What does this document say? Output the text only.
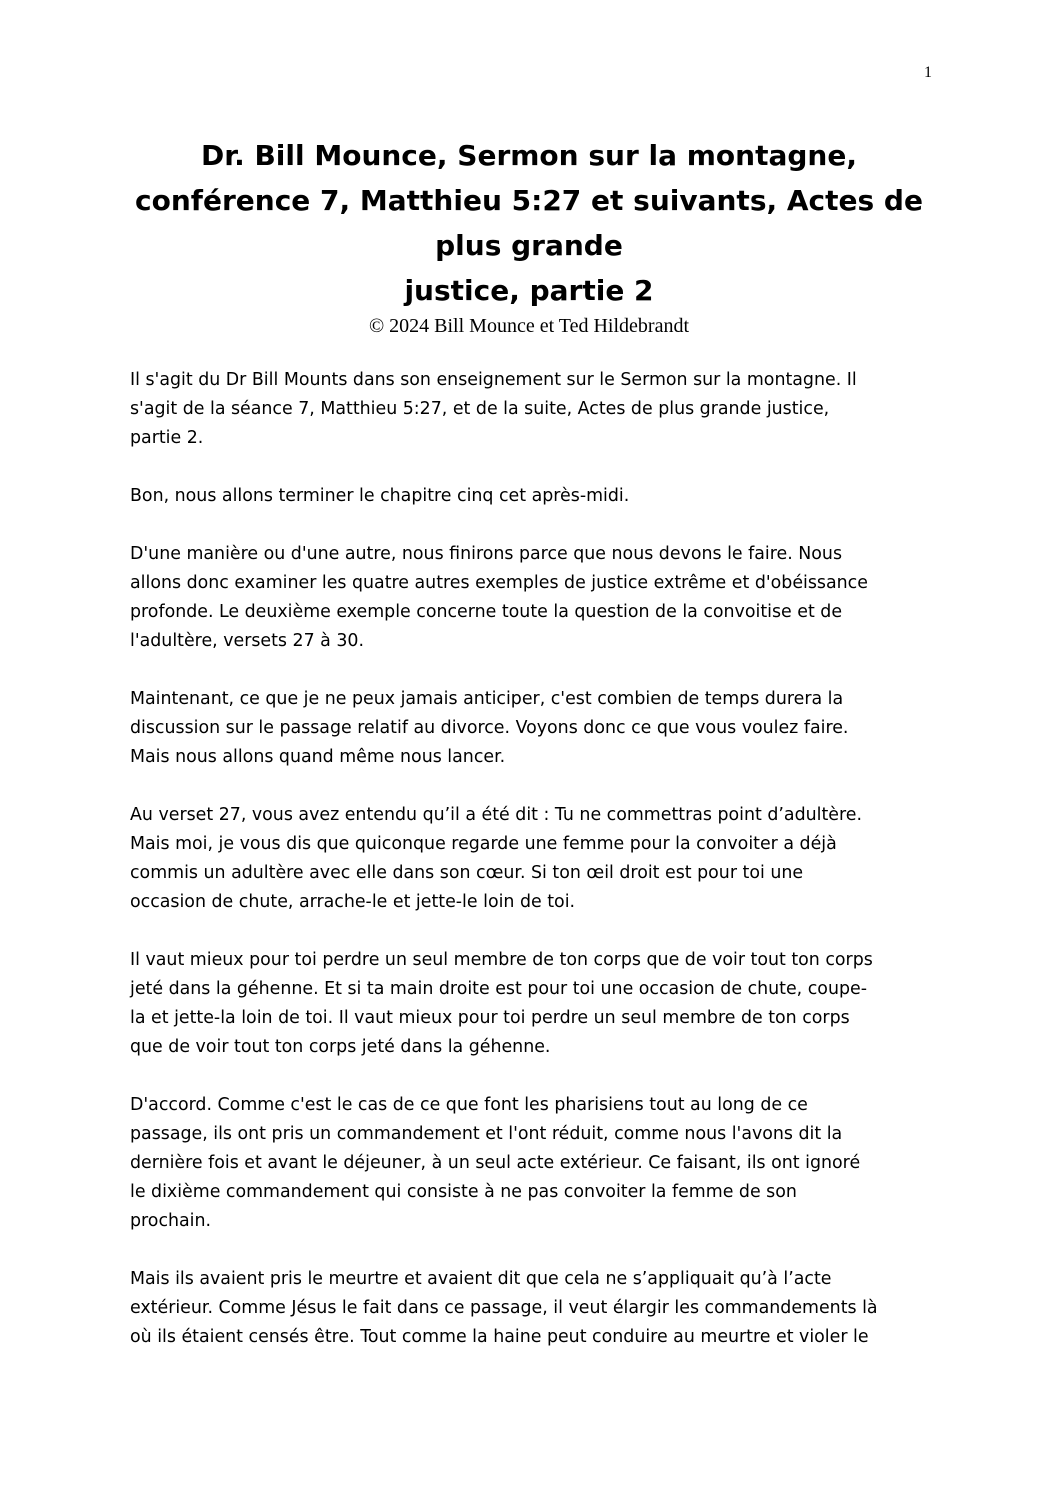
1
Dr. Bill Mounce, Sermon sur la montagne,
conférence 7, Matthieu 5:27 et suivants, Actes de
plus grande
justice, partie 2
© 2024 Bill Mounce et Ted Hildebrandt

Il s'agit du Dr Bill Mounts dans son enseignement sur le Sermon sur la montagne. Il
s'agit de la séance 7, Matthieu 5:27, et de la suite, Actes de plus grande justice,
partie 2.

Bon, nous allons terminer le chapitre cinq cet après-midi.

D'une manière ou d'une autre, nous finirons parce que nous devons le faire. Nous
allons donc examiner les quatre autres exemples de justice extrême et d'obéissance
profonde. Le deuxième exemple concerne toute la question de la convoitise et de
l'adultère, versets 27 à 30.

Maintenant, ce que je ne peux jamais anticiper, c'est combien de temps durera la
discussion sur le passage relatif au divorce. Voyons donc ce que vous voulez faire.
Mais nous allons quand même nous lancer.

Au verset 27, vous avez entendu qu’il a été dit : Tu ne commettras point d’adultère.
Mais moi, je vous dis que quiconque regarde une femme pour la convoiter a déjà
commis un adultère avec elle dans son cœur. Si ton œil droit est pour toi une
occasion de chute, arrache-le et jette-le loin de toi.

Il vaut mieux pour toi perdre un seul membre de ton corps que de voir tout ton corps
jeté dans la géhenne. Et si ta main droite est pour toi une occasion de chute, coupe-
la et jette-la loin de toi. Il vaut mieux pour toi perdre un seul membre de ton corps
que de voir tout ton corps jeté dans la géhenne.

D'accord. Comme c'est le cas de ce que font les pharisiens tout au long de ce
passage, ils ont pris un commandement et l'ont réduit, comme nous l'avons dit la
dernière fois et avant le déjeuner, à un seul acte extérieur. Ce faisant, ils ont ignoré
le dixième commandement qui consiste à ne pas convoiter la femme de son
prochain.

Mais ils avaient pris le meurtre et avaient dit que cela ne s’appliquait qu’à l’acte
extérieur. Comme Jésus le fait dans ce passage, il veut élargir les commandements là
où ils étaient censés être. Tout comme la haine peut conduire au meurtre et violer le
